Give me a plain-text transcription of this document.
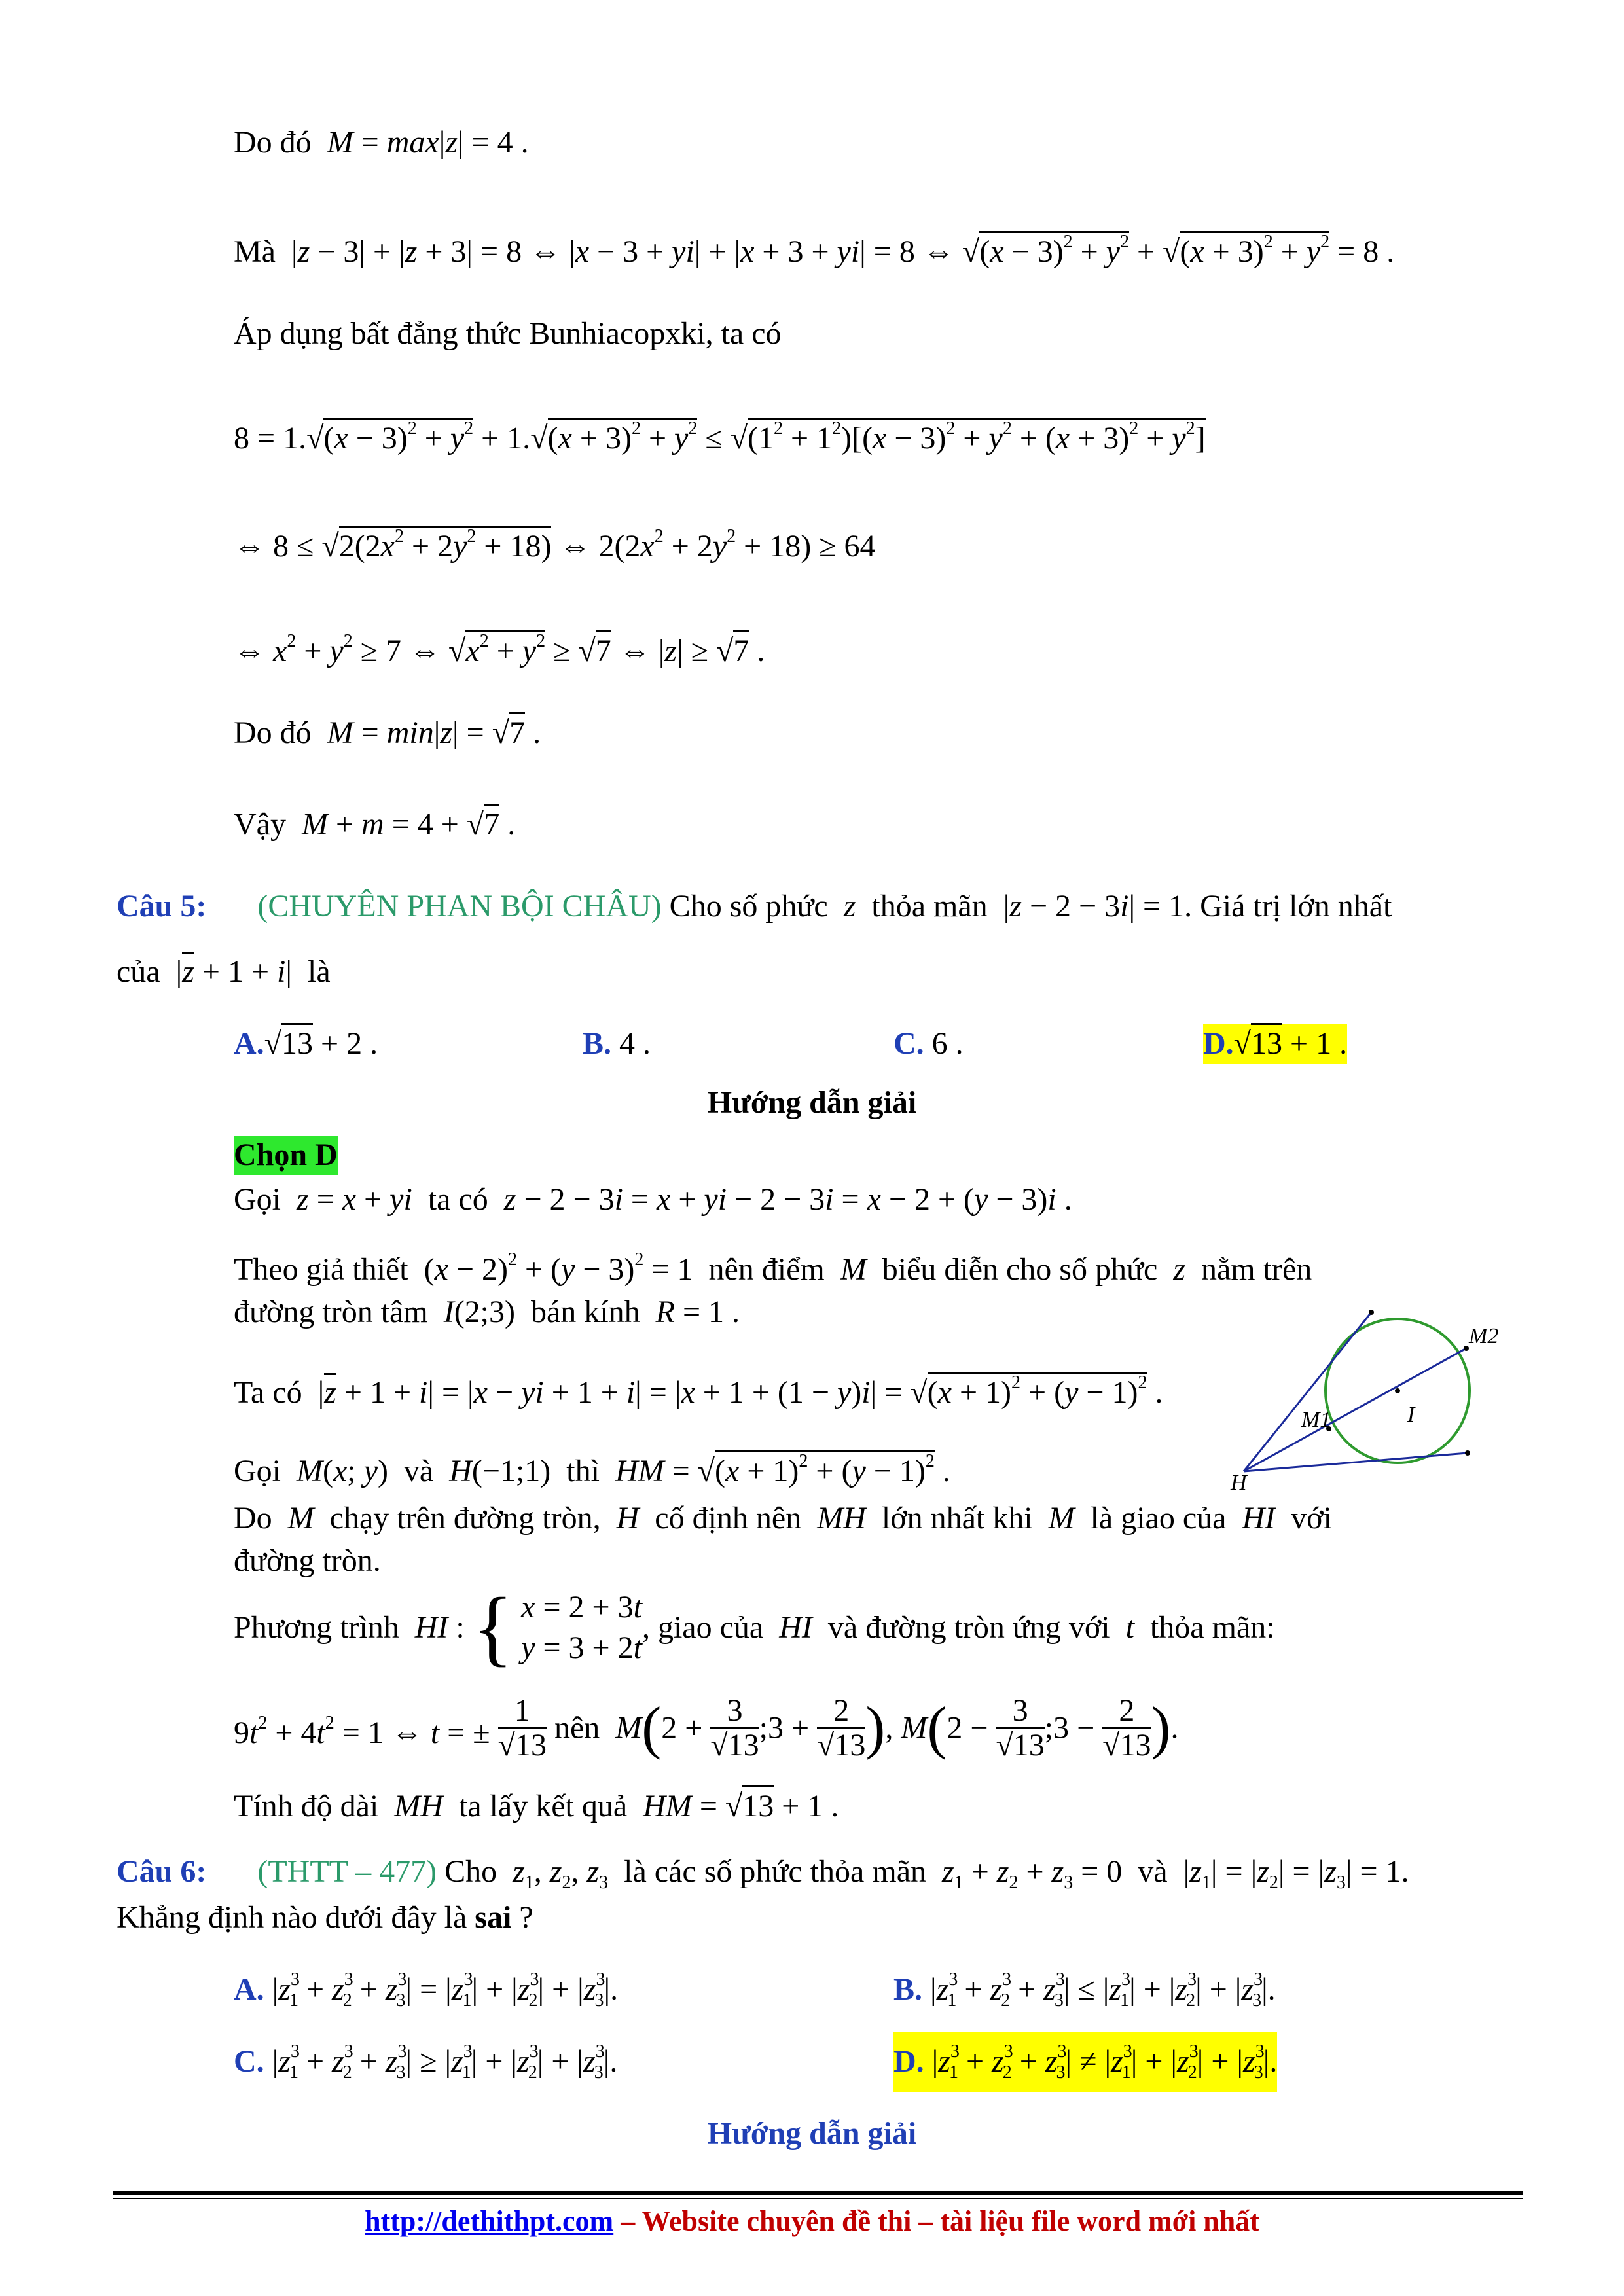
Do đó  M = max|z| = 4 .
Mà  |z − 3| + |z + 3| = 8 ⇔ |x − 3 + yi| + |x + 3 + yi| = 8 ⇔ $√(x - 3)^2 + y^2 + √(x + 3)^2 + y^2 = 8$ .
Áp dụng bất đẳng thức Bunhiacopxki, ta có
$8 = 1.√(x - 3)^2 + y^2 + 1.√(x + 3)^2 + y^2 \le √(1^2 + 1^2)[(x - 3)^2 + y^2 + (x + 3)^2 + y^2]$
⇔ $8 \le √2(2x^2 + 2y^2 + 18)$ ⇔ $2(2x^2 + 2y^2 + 18) \ge 64$
⇔ $x^2 + y^2 \ge 7$ ⇔ $√x^2 + y^2 \ge √7$ ⇔ |z| ≥ √7 .
Do đó  M = min|z| = √7 .
Vậy  M + m = 4 + √7 .
Câu 5: (CHUYÊN PHAN BỘI CHÂU) Cho số phức  z  thỏa mãn  |z − 2 − 3i| = 1. Giá trị lớn nhất
của  |z + 1 + i|  là
A.√13 + 2 .	B. 4 .	C. 6 .	D.√13 + 1 .
Hướng dẫn giải
Chọn D
Gọi z = x + yi ta có z − 2 − 3i = x + yi − 2 − 3i = x − 2 + (y − 3)i .
Theo giả thiết  $(x - 2)^2 + (y - 3)^2 = 1$  nên điểm  M  biểu diễn cho số phức  z  nằm trên
đường tròn tâm I(2;3)  bán kính R = 1 .
Ta có  |z + 1 + i| = |x − yi + $1 + i| = |x + 1 + (1 - y)i| = √(x + 1)^2 + (y - 1)^2$ .
Gọi M(x; y)  và H(−1;1)  thì HM = $√(x + 1)^2 + (y - 1)^2$ .
Do  M  chạy trên đường tròn,  H  cố định nên  MH  lớn nhất khi  M  là giao của  HI  với
đường tròn.
Phương trình  HI : { x = 2 + 3t
y = 3 + 2t
, giao của  HI  và đường tròn ứng với  t  thỏa mãn:
$9t^2 + 4t^2 = 1$ ⇔ t = ± $\frac{1}{√13}$ nên  $M(2 + \frac{3}{√13}$ ;3 + $\frac{2}{√13}$ ), $M(2 - \frac{3}{√13}$ ;3 − $\frac{2}{√13}$ ).
Tính độ dài  MH  ta lấy kết quả HM = √13 + 1 .
M2
M1	I
H
Câu 6: (THTT – 477) Cho $z_1$, $z_2$, $z_3$ là các số phức thỏa mãn $z_1 + z_2 + z_3 = 0$  và  $|z_1| = |z_2| = |z_3| = 1$.
Khẳng định nào dưới đây là sai ?
A. $|z^3_1 + z^3_2 + z^3_3| = |z^3_1| + |z^3_2| + |z^3_3|$.	B. $|z^3_1 + z^3_2 + z^3_3| \le |z^3_1| + |z^3_2| + |z^3_3|$.
C. $|z^3_1 + z^3_2 + z^3_3| \ge |z^3_1| + |z^3_2| + |z^3_3|$.	D. $|z^3_1 + z^3_2 + z^3_3| \ne |z^3_1| + |z^3_2| + |z^3_3|$.
Hướng dẫn giải
http://dethithpt.com – Website chuyên đề thi – tài liệu file word mới nhất
